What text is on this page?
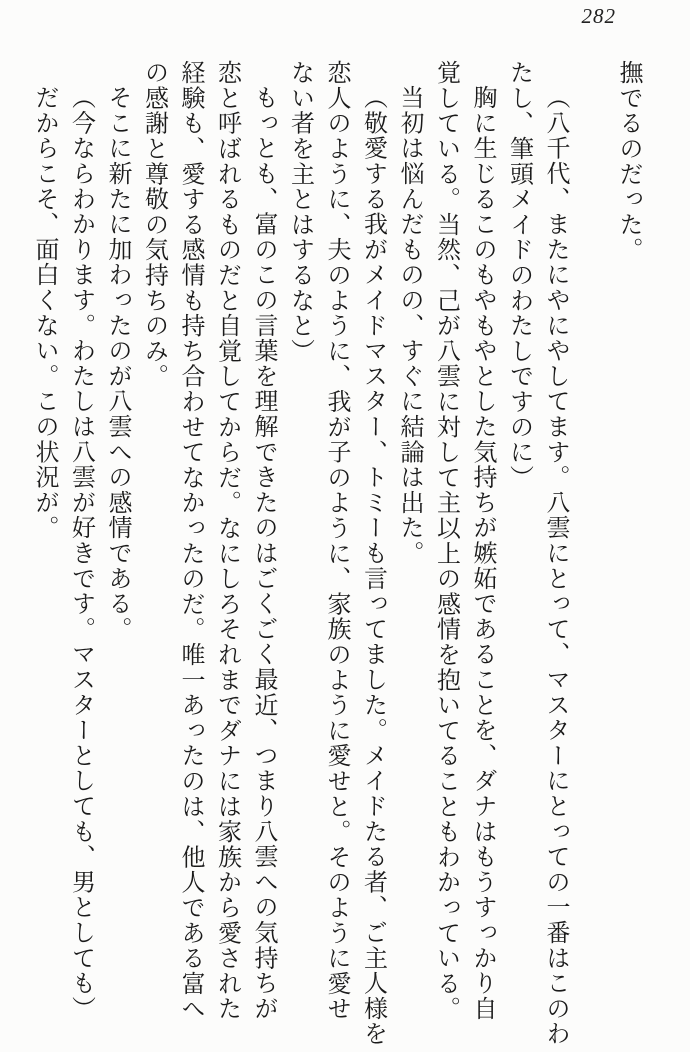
282

撫でるのだった。

（八千代、またにやにやしてます。八雲にとって、マスターにとっての一番はこのわ

たし、筆頭メイドのわたしですのに）

胸に生じるこのもやもやとした気持ちが嫉妬であることを、ダナはもうすっかり自

覚している。当然、己が八雲に対して主以上の感情を抱いてることもわかっている。

当初は悩んだものの、すぐに結論は出た。

（敬愛する我がメイドマスター、トミーも言ってました。メイドたる者、ご主人様を

恋人のように、夫のように、我が子のように、家族のように愛せと。そのように愛せ

ない者を主とはするなと）

もっとも、富のこの言葉を理解できたのはごくごく最近、つまり八雲への気持ちが

恋と呼ばれるものだと自覚してからだ。なにしろそれまでダナには家族から愛された

経験も、愛する感情も持ち合わせてなかったのだ。唯一あったのは、他人である富へ

の感謝と尊敬の気持ちのみ。

そこに新たに加わったのが八雲への感情である。

（今ならわかります。わたしは八雲が好きです。マスターとしても、男としても）

だからこそ、面白くない。この状況が。
